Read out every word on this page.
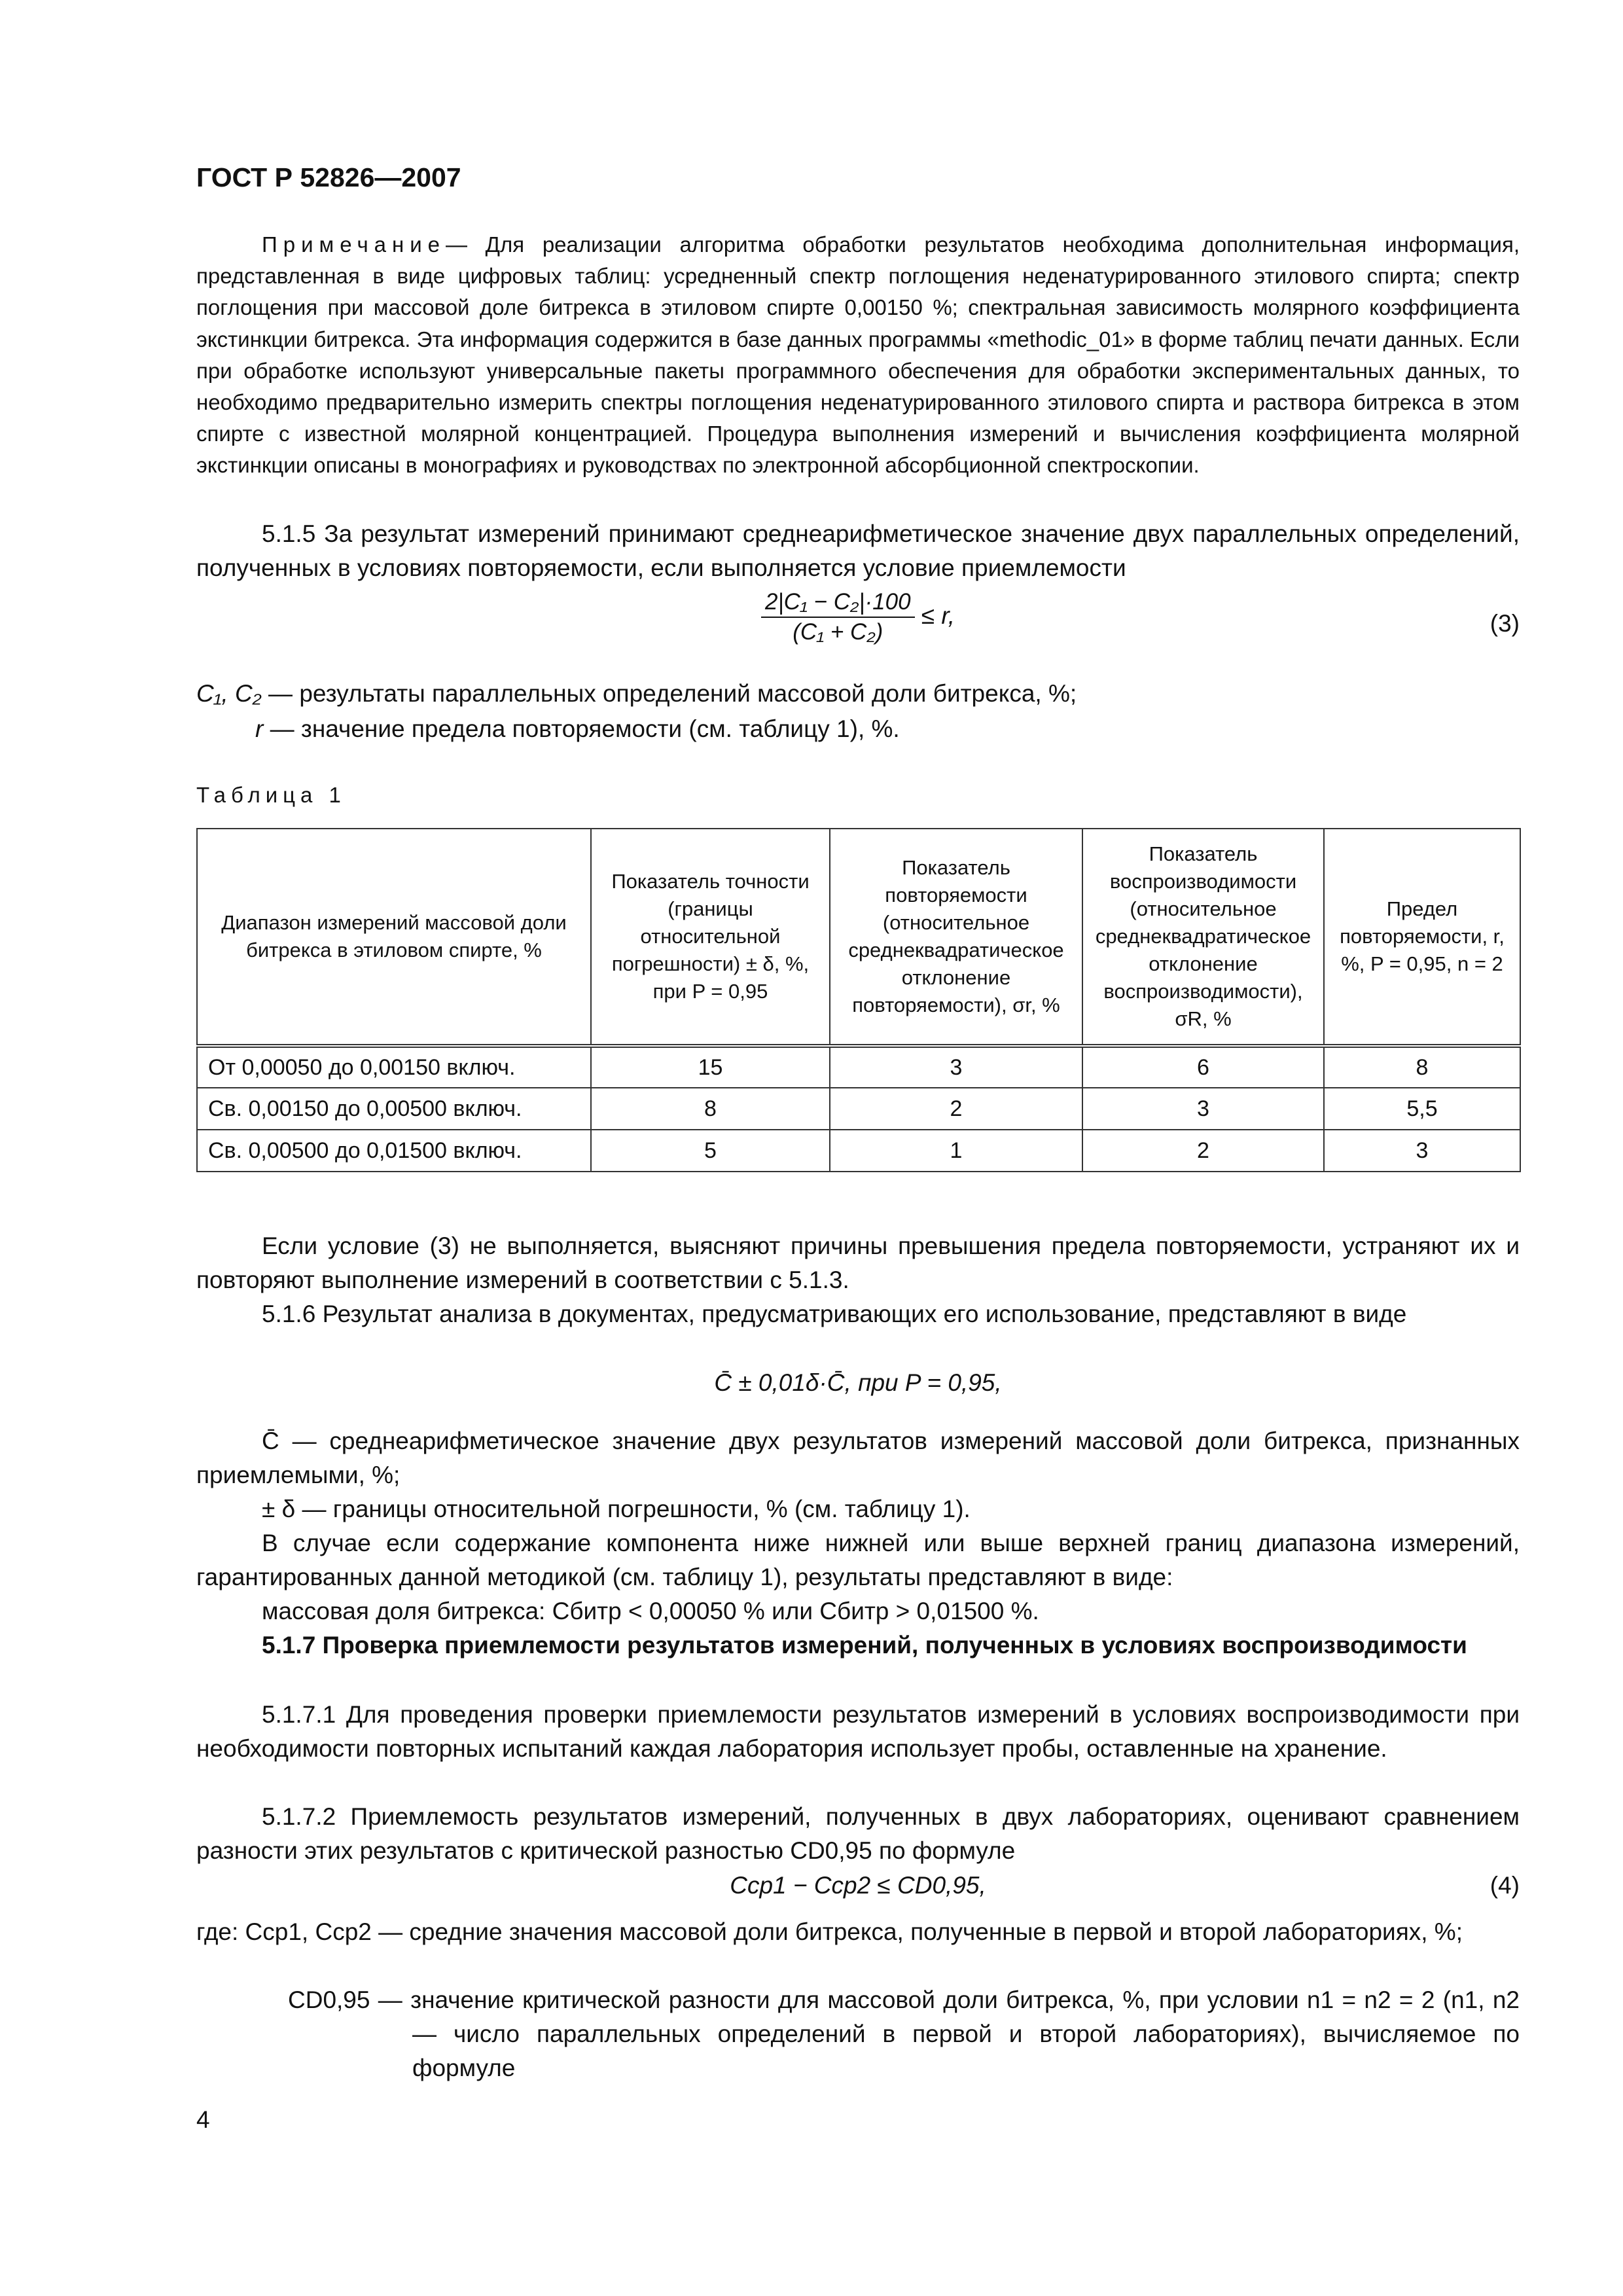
ГОСТ Р 52826—2007
Примечание— Для реализации алгоритма обработки результатов необходима дополнительная информация, представленная в виде цифровых таблиц: усредненный спектр поглощения неденатурированного этилового спирта; спектр поглощения при массовой доле битрекса в этиловом спирте 0,00150 %; спектральная зависимость молярного коэффициента экстинкции битрекса. Эта информация содержится в базе данных программы «methodic_01» в форме таблиц печати данных. Если при обработке используют универсальные пакеты программного обеспечения для обработки экспериментальных данных, то необходимо предварительно измерить спектры поглощения неденатурированного этилового спирта и раствора битрекса в этом спирте с известной молярной концентрацией. Процедура выполнения измерений и вычисления коэффициента молярной экстинкции описаны в монографиях и руководствах по электронной абсорбционной спектроскопии.
5.1.5 За результат измерений принимают среднеарифметическое значение двух параллельных определений, полученных в условиях повторяемости, если выполняется условие приемлемости
$\frac{\text{2|C₁ − C₂|·100}}{\text{(C₁ + C₂)}} \le r$,	(3)
C₁, C₂ — результаты параллельных определений массовой доли битрекса, %;
r — значение предела повторяемости (см. таблицу 1), %.
Таблица 1
Диапазон измерений массовой доли битрекса в этиловом спирте, %	Показатель точности (границы относительной погрешности) ± δ, %, при P = 0,95	Показатель повторяемости (относительное среднеквадратическое отклонение повторяемости), σr, %	Показатель воспроизводимости (относительное среднеквадратическое отклонение воспроизводимости), σR, %	Предел повторяемости, r, %, P = 0,95, n = 2
От 0,00050 до 0,00150 включ.	15	3	6	8
Св. 0,00150 до 0,00500 включ.	8	2	3	5,5
Св. 0,00500 до 0,01500 включ.	5	1	2	3
Если условие (3) не выполняется, выясняют причины превышения предела повторяемости, устраняют их и повторяют выполнение измерений в соответствии с 5.1.3.
5.1.6 Результат анализа в документах, предусматривающих его использование, представляют в виде
C̄ ± 0,01δ·C̄, при P = 0,95,
C̄ — среднеарифметическое значение двух результатов измерений массовой доли битрекса, признанных приемлемыми, %;
± δ — границы относительной погрешности, % (см. таблицу 1).
В случае если содержание компонента ниже нижней или выше верхней границ диапазона измерений, гарантированных данной методикой (см. таблицу 1), результаты представляют в виде:
массовая доля битрекса: Cбитр < 0,00050 % или Cбитр > 0,01500 %.
5.1.7 Проверка приемлемости результатов измерений, полученных в условиях воспроизводимости
5.1.7.1 Для проведения проверки приемлемости результатов измерений в условиях воспроизводимости при необходимости повторных испытаний каждая лаборатория использует пробы, оставленные на хранение.
5.1.7.2 Приемлемость результатов измерений, полученных в двух лабораториях, оценивают сравнением разности этих результатов с критической разностью CD0,95 по формуле
Cср1 − Cср2 ≤ CD0,95,	(4)
где: Cср1, Cср2 — средние значения массовой доли битрекса, полученные в первой и второй лабораториях, %;
CD0,95 — значение критической разности для массовой доли битрекса, %, при условии n1 = n2 = 2 (n1, n2 — число параллельных определений в первой и второй лабораториях), вычисляемое по формуле
4
